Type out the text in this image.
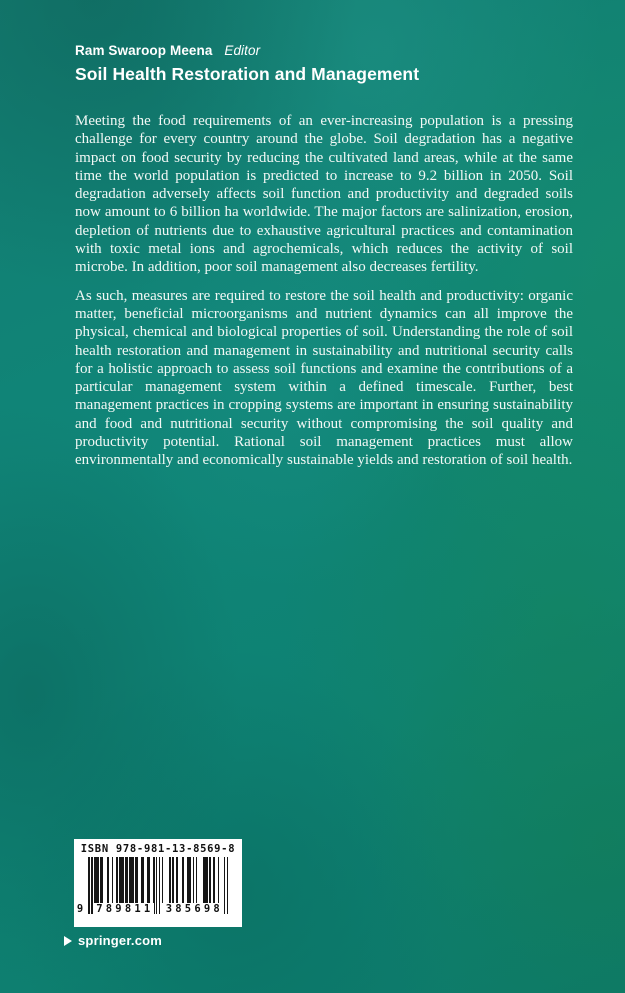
Ram Swaroop Meena Editor
Soil Health Restoration and Management

Meeting the food requirements of an ever-increasing population is a pressing challenge for every country around the globe. Soil degradation has a negative impact on food security by reducing the cultivated land areas, while at the same time the world population is predicted to increase to 9.2 billion in 2050. Soil degradation adversely affects soil function and productivity and degraded soils now amount to 6 billion ha worldwide. The major factors are salinization, erosion, depletion of nutrients due to exhaustive agricultural practices and contamination with toxic metal ions and agrochemicals, which reduces the activity of soil microbe. In addition, poor soil management also decreases fertility.

As such, measures are required to restore the soil health and productivity: organic matter, beneficial microorganisms and nutrient dynamics can all improve the physical, chemical and biological properties of soil. Understanding the role of soil health restoration and management in sustainability and nutritional security calls for a holistic approach to assess soil functions and examine the contributions of a particular management system within a defined timescale. Further, best management practices in cropping systems are important in ensuring sustainability and food and nutritional security without compromising the soil quality and productivity potential. Rational soil management practices must allow environmentally and economically sustainable yields and restoration of soil health.

ISBN 978-981-13-8569-8
9	789811	385698
springer.com
